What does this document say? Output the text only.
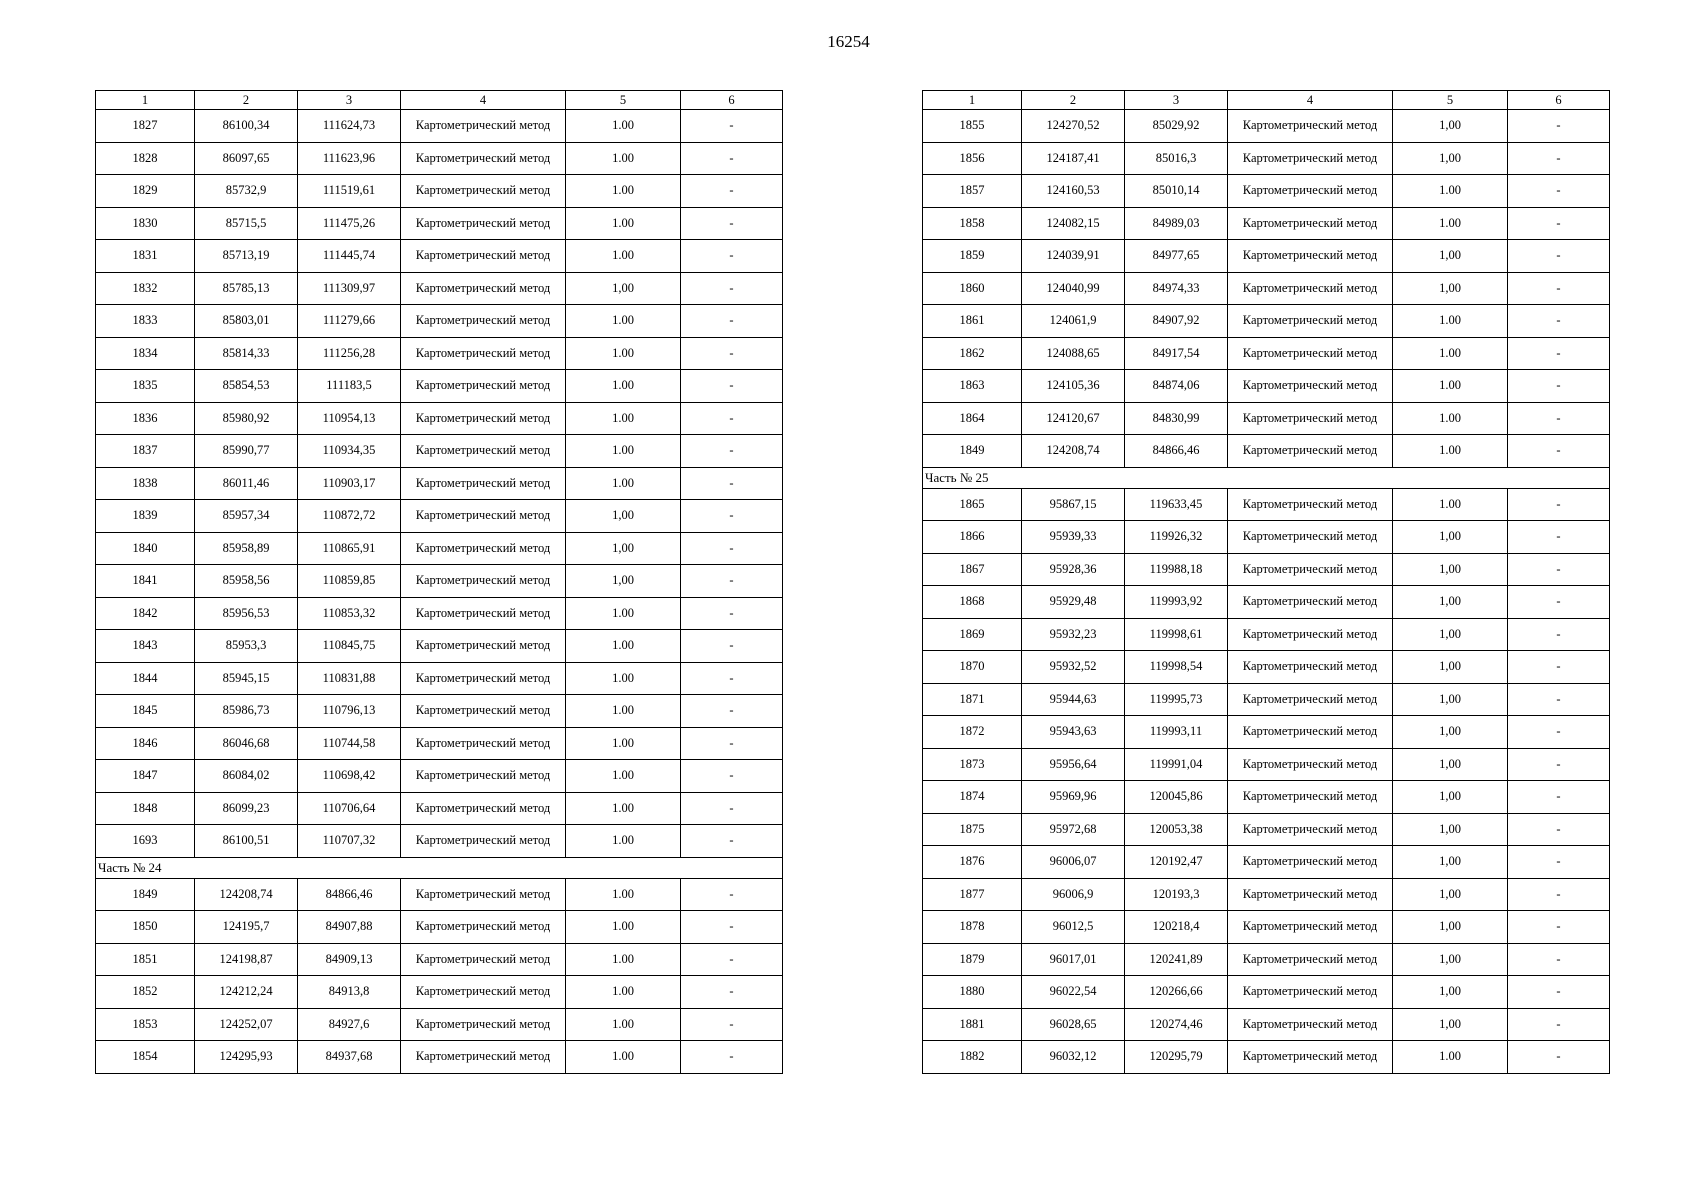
16254
1	2	3	4	5	6
1827	86100,34	111624,73	Картометрический метод	1.00	-
1828	86097,65	111623,96	Картометрический метод	1.00	-
1829	85732,9	111519,61	Картометрический метод	1.00	-
1830	85715,5	111475,26	Картометрический метод	1.00	-
1831	85713,19	111445,74	Картометрический метод	1.00	-
1832	85785,13	111309,97	Картометрический метод	1,00	-
1833	85803,01	111279,66	Картометрический метод	1.00	-
1834	85814,33	111256,28	Картометрический метод	1.00	-
1835	85854,53	111183,5	Картометрический метод	1.00	-
1836	85980,92	110954,13	Картометрический метод	1.00	-
1837	85990,77	110934,35	Картометрический метод	1.00	-
1838	86011,46	110903,17	Картометрический метод	1.00	-
1839	85957,34	110872,72	Картометрический метод	1,00	-
1840	85958,89	110865,91	Картометрический метод	1,00	-
1841	85958,56	110859,85	Картометрический метод	1,00	-
1842	85956,53	110853,32	Картометрический метод	1.00	-
1843	85953,3	110845,75	Картометрический метод	1.00	-
1844	85945,15	110831,88	Картометрический метод	1.00	-
1845	85986,73	110796,13	Картометрический метод	1.00	-
1846	86046,68	110744,58	Картометрический метод	1.00	-
1847	86084,02	110698,42	Картометрический метод	1.00	-
1848	86099,23	110706,64	Картометрический метод	1.00	-
1693	86100,51	110707,32	Картометрический метод	1.00	-
Часть № 24					
1849	124208,74	84866,46	Картометрический метод	1.00	-
1850	124195,7	84907,88	Картометрический метод	1.00	-
1851	124198,87	84909,13	Картометрический метод	1.00	-
1852	124212,24	84913,8	Картометрический метод	1.00	-
1853	124252,07	84927,6	Картометрический метод	1.00	-
1854	124295,93	84937,68	Картометрический метод	1.00	-
1	2	3	4	5	6
1855	124270,52	85029,92	Картометрический метод	1,00	-
1856	124187,41	85016,3	Картометрический метод	1,00	-
1857	124160,53	85010,14	Картометрический метод	1.00	-
1858	124082,15	84989,03	Картометрический метод	1.00	-
1859	124039,91	84977,65	Картометрический метод	1,00	-
1860	124040,99	84974,33	Картометрический метод	1,00	-
1861	124061,9	84907,92	Картометрический метод	1.00	-
1862	124088,65	84917,54	Картометрический метод	1.00	-
1863	124105,36	84874,06	Картометрический метод	1.00	-
1864	124120,67	84830,99	Картометрический метод	1.00	-
1849	124208,74	84866,46	Картометрический метод	1.00	-
Часть № 25					
1865	95867,15	119633,45	Картометрический метод	1.00	-
1866	95939,33	119926,32	Картометрический метод	1,00	-
1867	95928,36	119988,18	Картометрический метод	1,00	-
1868	95929,48	119993,92	Картометрический метод	1,00	-
1869	95932,23	119998,61	Картометрический метод	1,00	-
1870	95932,52	119998,54	Картометрический метод	1,00	-
1871	95944,63	119995,73	Картометрический метод	1,00	-
1872	95943,63	119993,11	Картометрический метод	1,00	-
1873	95956,64	119991,04	Картометрический метод	1,00	-
1874	95969,96	120045,86	Картометрический метод	1,00	-
1875	95972,68	120053,38	Картометрический метод	1,00	-
1876	96006,07	120192,47	Картометрический метод	1,00	-
1877	96006,9	120193,3	Картометрический метод	1,00	-
1878	96012,5	120218,4	Картометрический метод	1,00	-
1879	96017,01	120241,89	Картометрический метод	1,00	-
1880	96022,54	120266,66	Картометрический метод	1,00	-
1881	96028,65	120274,46	Картометрический метод	1,00	-
1882	96032,12	120295,79	Картометрический метод	1.00	-
